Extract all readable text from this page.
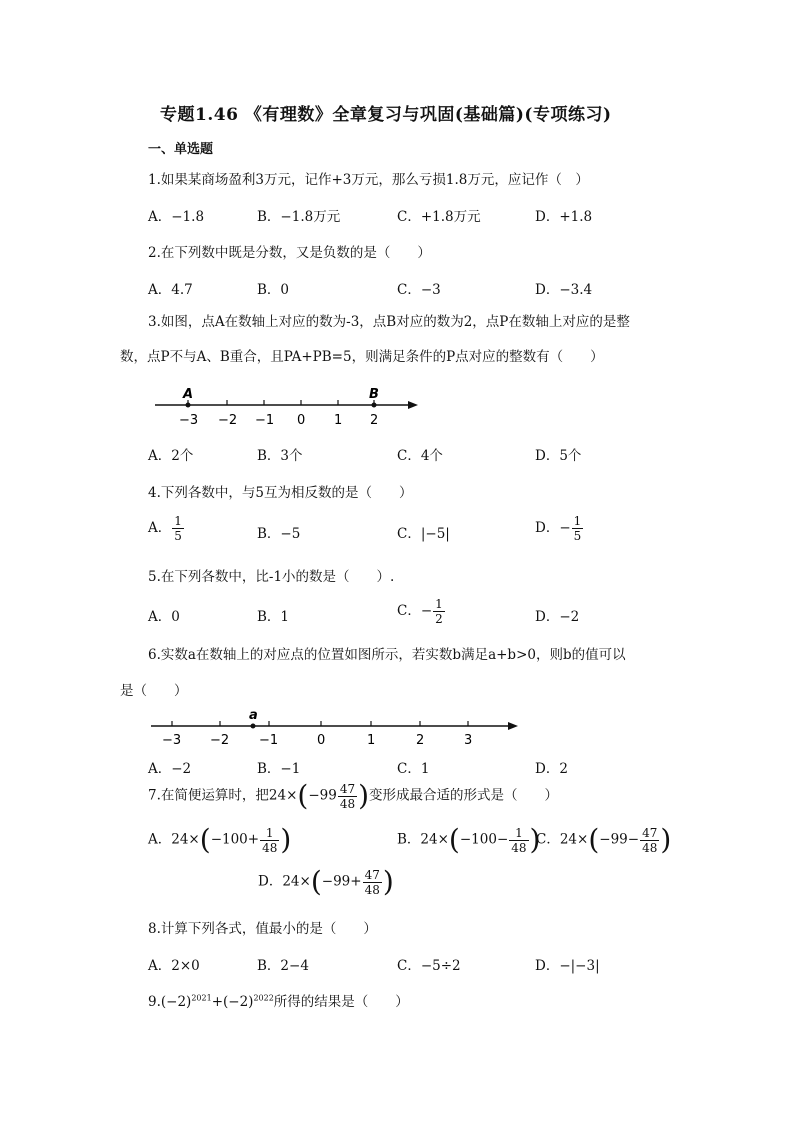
专题1.46 《有理数》全章复习与巩固(基础篇)(专项练习)
一、单选题
1.如果某商场盈利3万元，记作+3万元，那么亏损1.8万元，应记作（　）
A．−1.8	B．−1.8万元	C．+1.8万元	D．+1.8
2.在下列数中既是分数，又是负数的是（　　）
A．4.7	B．0	C．−3	D．−3.4
3.如图，点A在数轴上对应的数为-3，点B对应的数为2，点P在数轴上对应的是整
数，点P不与A、B重合，且PA+PB=5，则满足条件的P点对应的整数有（　　）
A	B
−3 −2 −1 0 1 2
A．2个	B．3个	C．4个	D．5个
4.下列各数中，与5互为相反数的是（　　）
A． $\frac{1}{5}$	B．−5	C．|−5|	D．− $\frac{1}{5}$
5.在下列各数中，比-1小的数是（　　）.
A．0	B．1	C．− $\frac{1}{2}$	D．−2
6.实数a在数轴上的对应点的位置如图所示，若实数b满足a+b>0，则b的值可以
是（　　）
a
−3 −2 −1	0	1	2	3
A．−2	B．−1	C．1	D．2
7.在简便运算时，把$24\times(-99 \frac{47}{48}$ )变形成最合适的形式是（　　）
A．$24\times(-100+ \frac{1}{48}$ )	B．$24\times(-100- \frac{1}{48}$ )
C．$24\times(-99- \frac{47}{48}$ )
D．$24\times(-99+ \frac{47}{48}$ )
8.计算下列各式，值最小的是（　　）
A．2×0	B．2−4	C．−5÷2	D．−|−3|
$9.(-2)^{2021}+(-2)^{2022}$所得的结果是（　　）
